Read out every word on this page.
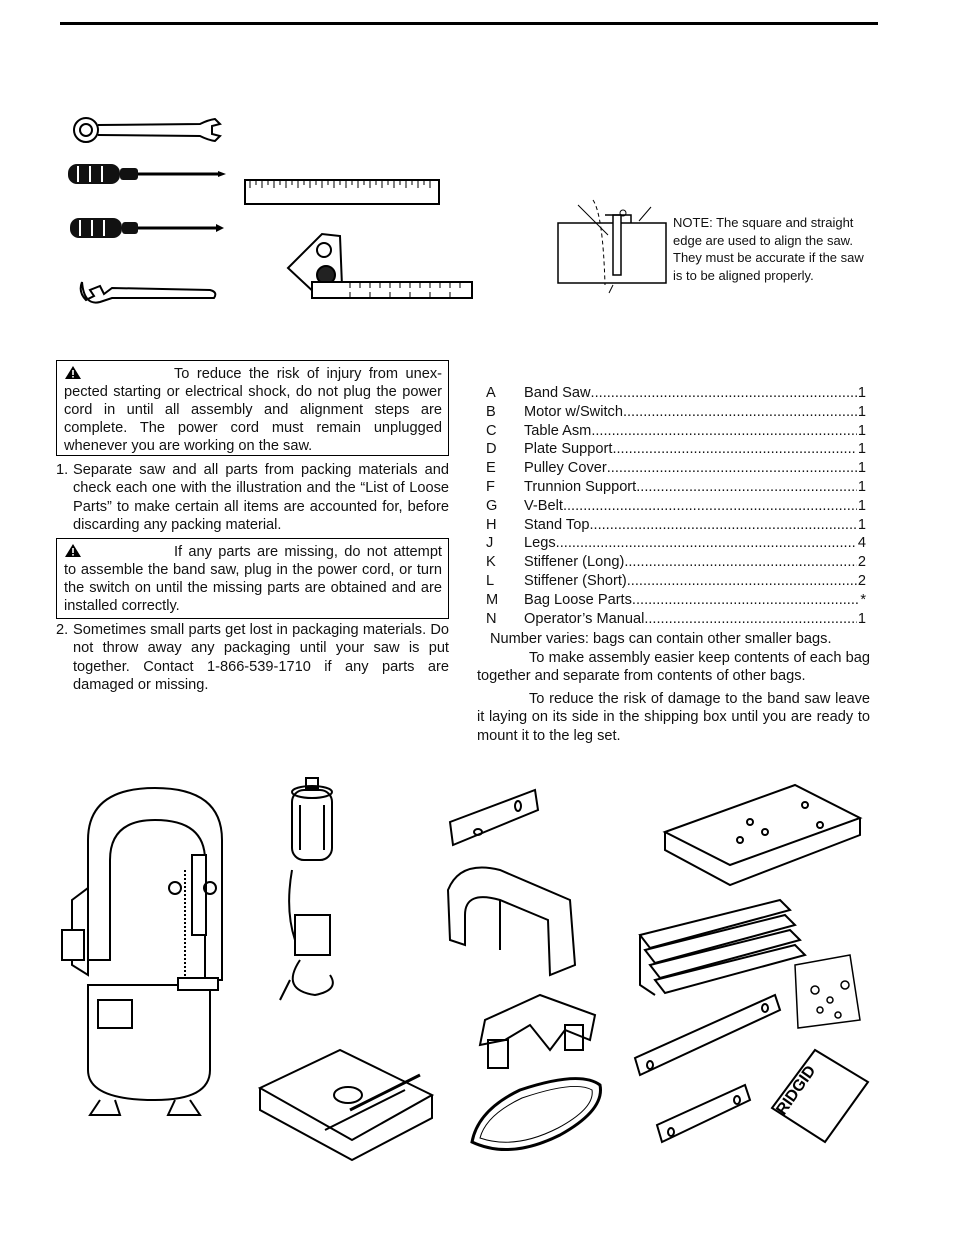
NOTE: The square and straight edge are used to align the saw. They must be accurate if the saw is to be aligned properly.
To reduce the risk of injury from unex-pected starting or electrical shock, do not plug the power cord in until all assembly and alignment steps are complete. The power cord must remain unplugged whenever you are working on the saw.
1. Separate saw and all parts from packing materials and check each one with the illustration and the “List of Loose Parts” to make certain all items are accounted for, before discarding any packing material.
If any parts are missing, do not attempt to assemble the band saw, plug in the power cord, or turn the switch on until the missing parts are obtained and are installed correctly.
2. Sometimes small parts get lost in packaging materials. Do not throw away any packaging until your saw is put together. Contact 1-866-539-1710 if any parts are damaged or missing.
A	Band Saw .....	1
B	Motor w/Switch .....	1
C	Table Asm .....	1
D	Plate Support .....	1
E	Pulley Cover .....	1
F	Trunnion Support .....	1
G	V-Belt .....	1
H	Stand Top .....	1
J	Legs .....	4
K	Stiffener (Long) .....	2
L	Stiffener (Short) .....	2
M	Bag Loose Parts .....	*
N	Operator’s Manual .....	1
Number varies: bags can contain other smaller bags.
To make assembly easier keep contents of each bag together and separate from contents of other bags.
To reduce the risk of damage to the band saw leave it laying on its side in the shipping box until you are ready to mount it to the leg set.
RIDGID
